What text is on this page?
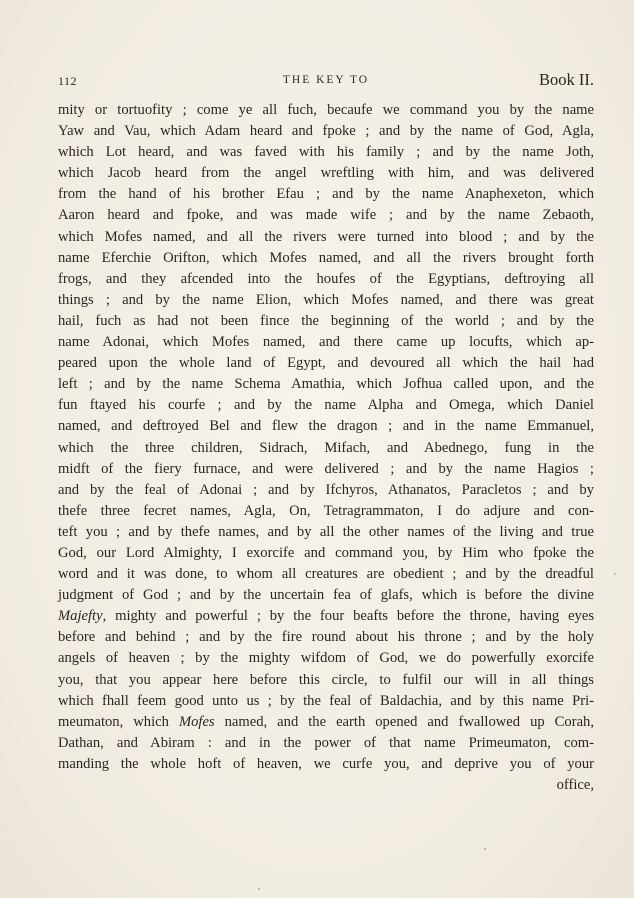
112	THE KEY TO	Book II.
mity or tortuofity ; come ye all fuch, becaufe we command you by the name
Yaw and Vau, which Adam heard and fpoke ; and by the name of God, Agla,
which Lot heard, and was faved with his family ; and by the name Joth,
which Jacob heard from the angel wreftling with him, and was delivered
from the hand of his brother Efau ; and by the name Anaphexeton, which
Aaron heard and fpoke, and was made wife ; and by the name Zebaoth,
which Mofes named, and all the rivers were turned into blood ; and by the
name Eferchie Orifton, which Mofes named, and all the rivers brought forth
frogs, and they afcended into the houfes of the Egyptians, deftroying all
things ; and by the name Elion, which Mofes named, and there was great
hail, fuch as had not been fince the beginning of the world ; and by the
name Adonai, which Mofes named, and there came up locufts, which ap-
peared upon the whole land of Egypt, and devoured all which the hail had
left ; and by the name Schema Amathia, which Jofhua called upon, and the
fun ftayed his courfe ; and by the name Alpha and Omega, which Daniel
named, and deftroyed Bel and flew the dragon ; and in the name Emmanuel,
which the three children, Sidrach, Mifach, and Abednego, fung in the
midft of the fiery furnace, and were delivered ; and by the name Hagios ;
and by the feal of Adonai ; and by Ifchyros, Athanatos, Paracletos ; and by
thefe three fecret names, Agla, On, Tetragrammaton, I do adjure and con-
teft you ; and by thefe names, and by all the other names of the living and true
God, our Lord Almighty, I exorcife and command you, by Him who fpoke the
word and it was done, to whom all creatures are obedient ; and by the dreadful
judgment of God ; and by the uncertain fea of glafs, which is before the divine
Majefty, mighty and powerful ; by the four beafts before the throne, having eyes
before and behind ; and by the fire round about his throne ; and by the holy
angels of heaven ; by the mighty wifdom of God, we do powerfully exorcife
you, that you appear here before this circle, to fulfil our will in all things
which fhall feem good unto us ; by the feal of Baldachia, and by this name Pri-
meumaton, which Mofes named, and the earth opened and fwallowed up Corah,
Dathan, and Abiram : and in the power of that name Primeumaton, com-
manding the whole hoft of heaven, we curfe you, and deprive you of your
office,
